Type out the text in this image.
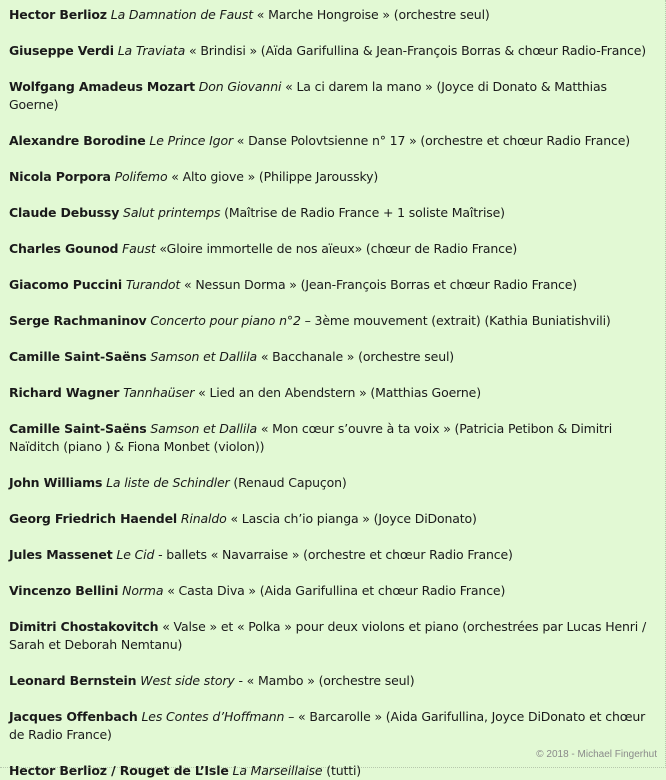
Hector Berlioz La Damnation de Faust « Marche Hongroise » (orchestre seul)
Giuseppe Verdi La Traviata « Brindisi » (Aïda Garifullina & Jean-François Borras & chœur Radio-France)
Wolfgang Amadeus Mozart Don Giovanni « La ci darem la mano » (Joyce di Donato & Matthias Goerne)
Alexandre Borodine Le Prince Igor « Danse Polovtsienne n° 17 » (orchestre et chœur Radio France)
Nicola Porpora Polifemo « Alto giove » (Philippe Jaroussky)
Claude Debussy Salut printemps (Maîtrise de Radio France + 1 soliste Maîtrise)
Charles Gounod Faust «Gloire immortelle de nos aïeux» (chœur de Radio France)
Giacomo Puccini Turandot « Nessun Dorma » (Jean-François Borras et chœur Radio France)
Serge Rachmaninov Concerto pour piano n°2 – 3ème mouvement (extrait) (Kathia Buniatishvili)
Camille Saint-Saëns Samson et Dallila « Bacchanale » (orchestre seul)
Richard Wagner Tannhaüser « Lied an den Abendstern » (Matthias Goerne)
Camille Saint-Saëns Samson et Dallila « Mon cœur s’ouvre à ta voix » (Patricia Petibon & Dimitri Naïditch (piano ) & Fiona Monbet (violon))
John Williams La liste de Schindler (Renaud Capuçon)
Georg Friedrich Haendel Rinaldo « Lascia ch’io pianga » (Joyce DiDonato)
Jules Massenet Le Cid - ballets « Navarraise » (orchestre et chœur Radio France)
Vincenzo Bellini Norma « Casta Diva » (Aida Garifullina et chœur Radio France)
Dimitri Chostakovitch « Valse » et « Polka » pour deux violons et piano (orchestrées par Lucas Henri / Sarah et Deborah Nemtanu)
Leonard Bernstein West side story - « Mambo » (orchestre seul)
Jacques Offenbach Les Contes d’Hoffmann – « Barcarolle » (Aida Garifullina, Joyce DiDonato et chœur de Radio France)
Hector Berlioz / Rouget de L’Isle La Marseillaise (tutti)
© 2018 - Michael Fingerhut
